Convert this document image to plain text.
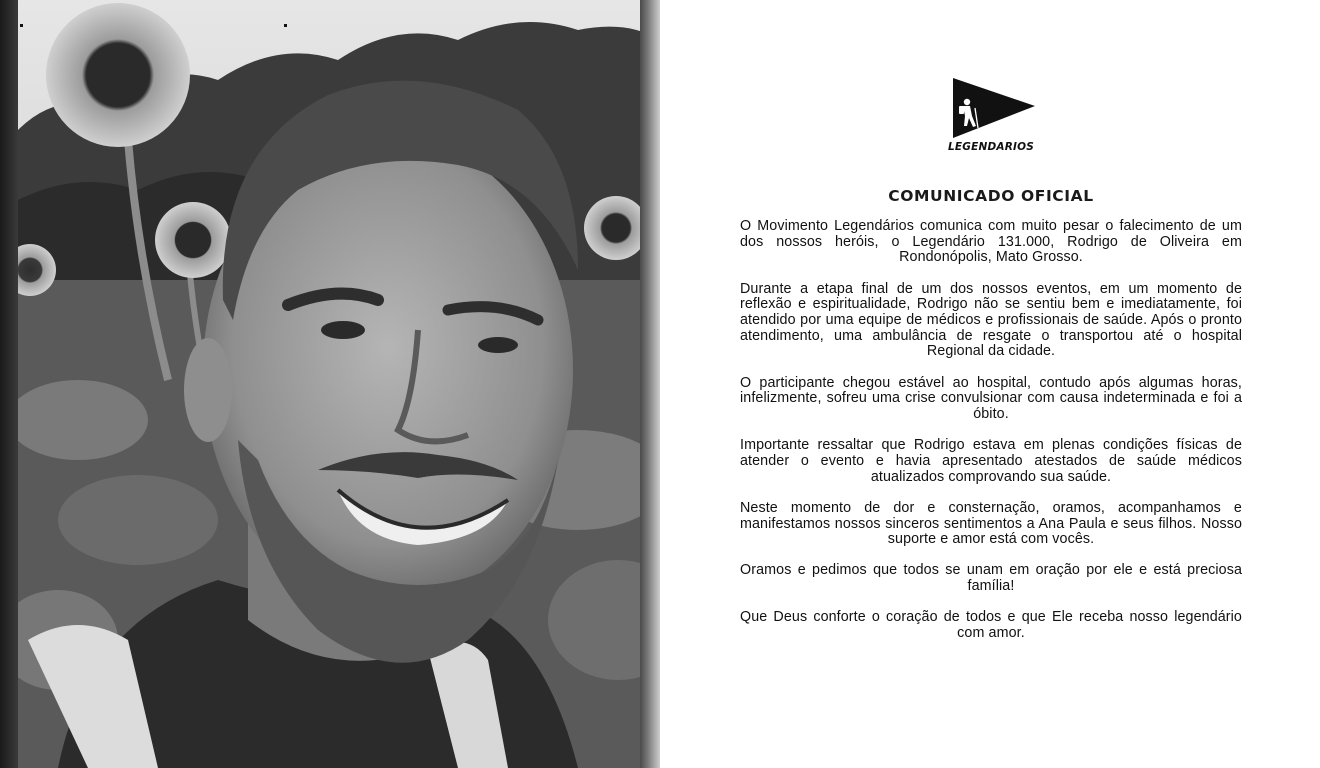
LEGENDARIOS
COMUNICADO OFICIAL

O Movimento Legendários comunica com muito pesar o falecimento de um dos nossos heróis, o Legendário 131.000, Rodrigo de Oliveira em Rondonópolis, Mato Grosso.

Durante a etapa final de um dos nossos eventos, em um momento de reflexão e espiritualidade, Rodrigo não se sentiu bem e imediatamente, foi atendido por uma equipe de médicos e profissionais de saúde. Após o pronto atendimento, uma ambulância de resgate o transportou até o hospital Regional da cidade.

O participante chegou estável ao hospital, contudo após algumas horas, infelizmente, sofreu uma crise convulsionar com causa indeterminada e foi a óbito.

Importante ressaltar que Rodrigo estava em plenas condições físicas de atender o evento e havia apresentado atestados de saúde médicos atualizados comprovando sua saúde.

Neste momento de dor e consternação, oramos, acompanhamos e manifestamos nossos sinceros sentimentos a Ana Paula e seus filhos. Nosso suporte e amor está com vocês.

Oramos e pedimos que todos se unam em oração por ele e está preciosa família!

Que Deus conforte o coração de todos e que Ele receba nosso legendário com amor.
